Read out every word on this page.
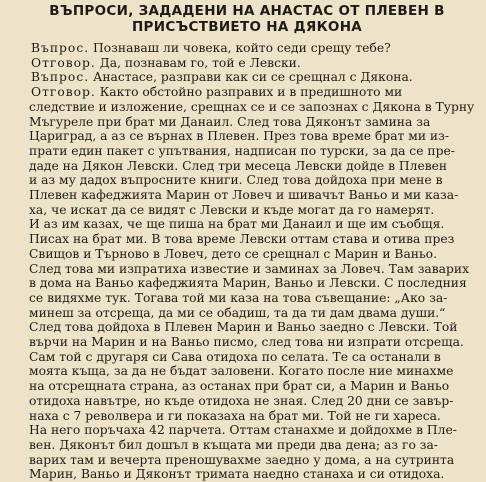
ВЪПРОСИ, ЗАДАДЕНИ НА АНАСТАС ОТ ПЛЕВЕН В
ПРИСЪСТВИЕТО НА ДЯКОНА
Въпрос. Познаваш ли човека, който седи срещу тебе?
Отговор. Да, познавам го, той е Левски.
Въпрос. Анастасе, разправи как си се срещнал с Дякона.
Отговор. Както обстойно разправих и в предишното ми
следствие и изложение, срещнах се и се запознах с Дякона в Турну
Мъгуреле при брат ми Данаил. След това Дяконът замина за
Цариград, а аз се върнах в Плевен. През това време брат ми из-
прати един пакет с упътвания, надписан по турски, за да се пре-
даде на Дякон Левски. След три месеца Левски дойде в Плевен
и аз му дадох въпросните книги. След това дойдоха при мене в
Плевен кафеджията Марин от Ловеч и шивачът Ваньо и ми каза-
ха, че искат да се видят с Левски и къде могат да го намерят.
И аз им казах, че ще пиша на брат ми Данаил и ще им съобщя.
Писах на брат ми. В това време Левски оттам става и отива през
Свищов и Търново в Ловеч, дето се срещнал с Марин и Ваньо.
След това ми изпратиха известие и заминах за Ловеч. Там заварих
в дома на Ваньо кафеджията Марин, Ваньо и Левски. С последния
се видяхме тук. Тогава той ми каза на това съвещание: „Ако за-
минеш за отсреща, да ми се обадиш, та да ти дам двама души.“
След това дойдоха в Плевен Марин и Ваньо заедно с Левски. Той
върчи на Марин и на Ваньо писмо, след това ни изпрати отсреща.
Сам той с другаря си Сава отидоха по селата. Те са останали в
моята къща, за да не бъдат заловени. Когато после ние минахме
на отсрещната страна, аз останах при брат си, а Марин и Ваньо
отидоха навътре, но къде отидоха не зная. След 20 дни се завър-
наха с 7 револвера и ги показаха на брат ми. Той не ги хареса.
На него поръчаха 42 парчета. Оттам станахме и дойдохме в Пле-
вен. Дяконът бил дошъл в къщата ми преди два дена; аз го за-
варих там и вечерта преношувахме заедно у дома, а на сутринта
Марин, Ваньо и Дяконът тримата наедно станаха и си отидоха.
